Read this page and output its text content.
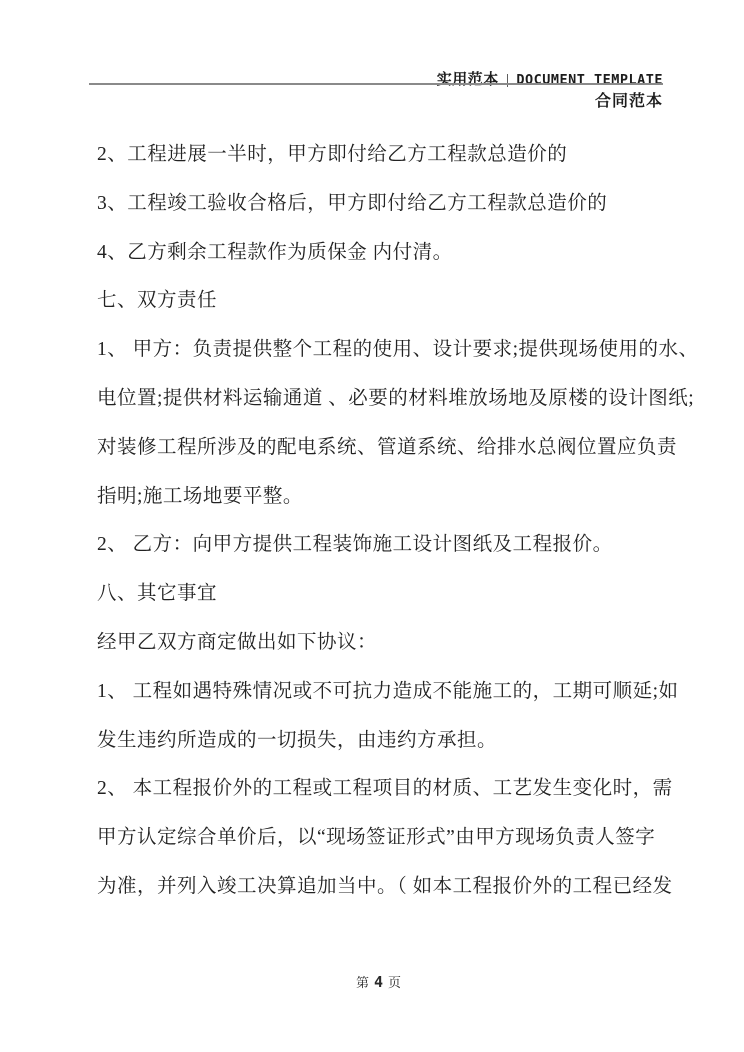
实用范本 | DOCUMENT TEMPLATE

合同范本
2、工程进展一半时，甲方即付给乙方工程款总造价的
3、工程竣工验收合格后，甲方即付给乙方工程款总造价的
4、乙方剩余工程款作为质保金 内付清。
七、双方责任
1、 甲方：负责提供整个工程的使用、设计要求;提供现场使用的水、
电位置;提供材料运输通道 、必要的材料堆放场地及原楼的设计图纸;
对装修工程所涉及的配电系统、管道系统、给排水总阀位置应负责
指明;施工场地要平整。
2、 乙方：向甲方提供工程装饰施工设计图纸及工程报价。
八、其它事宜
经甲乙双方商定做出如下协议：
1、 工程如遇特殊情况或不可抗力造成不能施工的，工期可顺延;如
发生违约所造成的一切损失，由违约方承担。
2、 本工程报价外的工程或工程项目的材质、工艺发生变化时，需
甲方认定综合单价后，以“现场签证形式”由甲方现场负责人签字
为准，并列入竣工决算追加当中。（ 如本工程报价外的工程已经发

第 4 页
